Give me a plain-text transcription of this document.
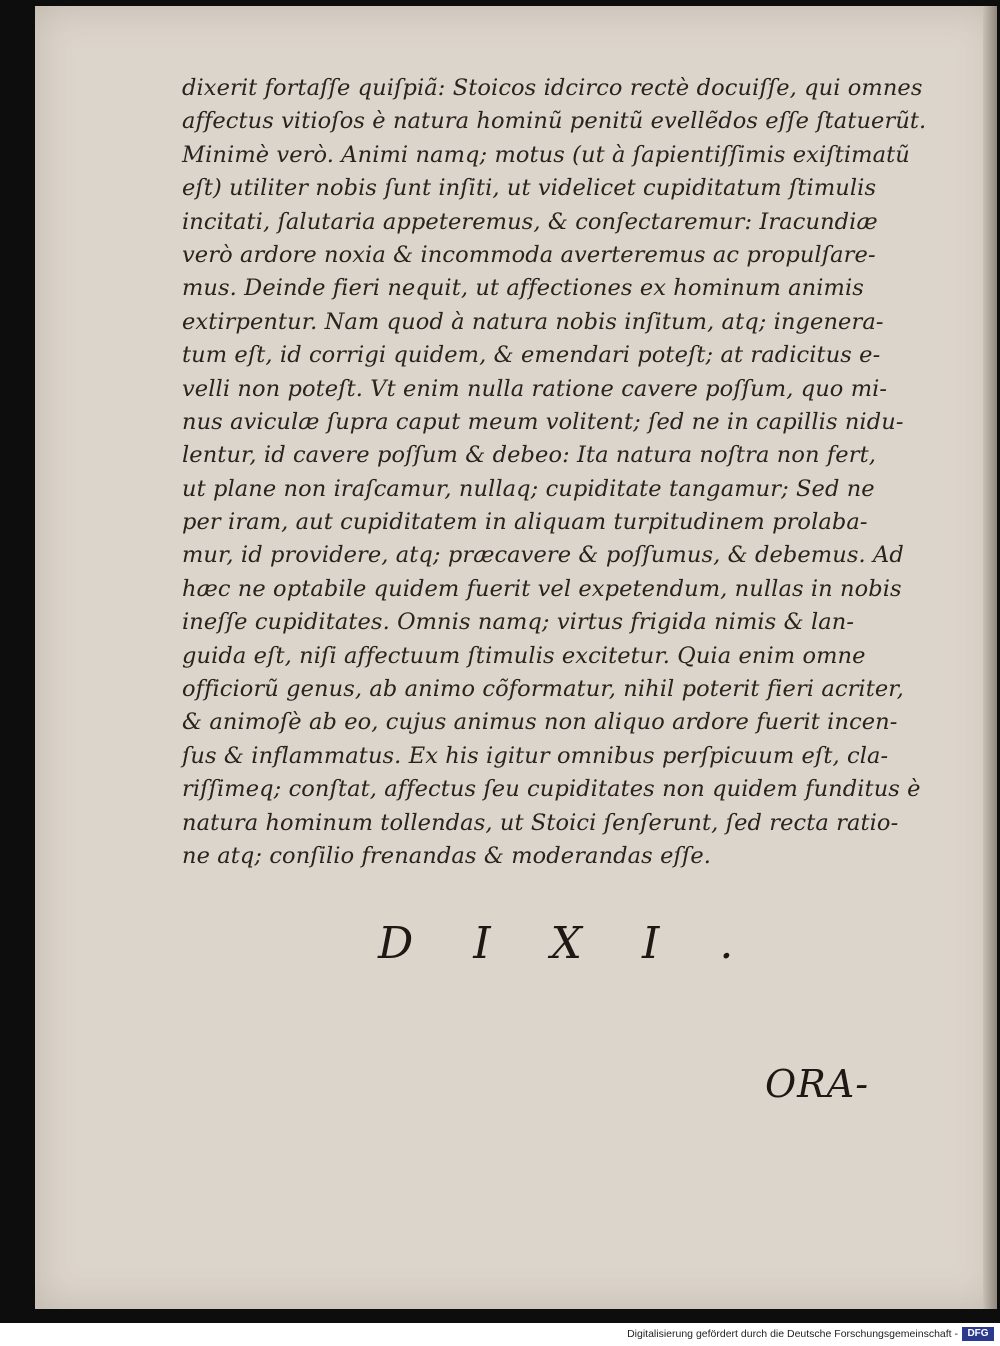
dixerit fortaſſe quiſpiã: Stoicos idcirco rectè docuiſſe, qui omnes
affectus vitioſos è natura hominũ penitũ evellẽdos eſſe ſtatuerũt.
Minimè verò. Animi namq; motus (ut à ſapientiſſimis exiſtimatũ
eſt) utiliter nobis ſunt inſiti, ut videlicet cupiditatum ſtimulis
incitati, ſalutaria appeteremus, & conſectaremur: Iracundiæ
verò ardore noxia & incommoda averteremus ac propulſare-
mus. Deinde fieri nequit, ut affectiones ex hominum animis
extirpentur. Nam quod à natura nobis inſitum, atq; ingenera-
tum eſt, id corrigi quidem, & emendari poteſt; at radicitus e-
velli non poteſt. Vt enim nulla ratione cavere poſſum, quo mi-
nus aviculæ ſupra caput meum volitent; ſed ne in capillis nidu-
lentur, id cavere poſſum & debeo: Ita natura noſtra non fert,
ut plane non iraſcamur, nullaq; cupiditate tangamur; Sed ne
per iram, aut cupiditatem in aliquam turpitudinem prolaba-
mur, id providere, atq; præcavere & poſſumus, & debemus. Ad
hæc ne optabile quidem fuerit vel expetendum, nullas in nobis
ineſſe cupiditates. Omnis namq; virtus frigida nimis & lan-
guida eſt, niſi affectuum ſtimulis excitetur. Quia enim omne
officiorũ genus, ab animo cõformatur, nihil poterit fieri acriter,
& animoſè ab eo, cujus animus non aliquo ardore fuerit incen-
ſus & inflammatus. Ex his igitur omnibus perſpicuum eſt, cla-
riſſimeq; conſtat, affectus ſeu cupiditates non quidem funditus è
natura hominum tollendas, ut Stoici ſenſerunt, ſed recta ratio-
ne atq; conſilio frenandas & moderandas eſſe.
DIXI.
ORA-
Digitalisierung gefördert durch die Deutsche Forschungsgemeinschaft - DFG
